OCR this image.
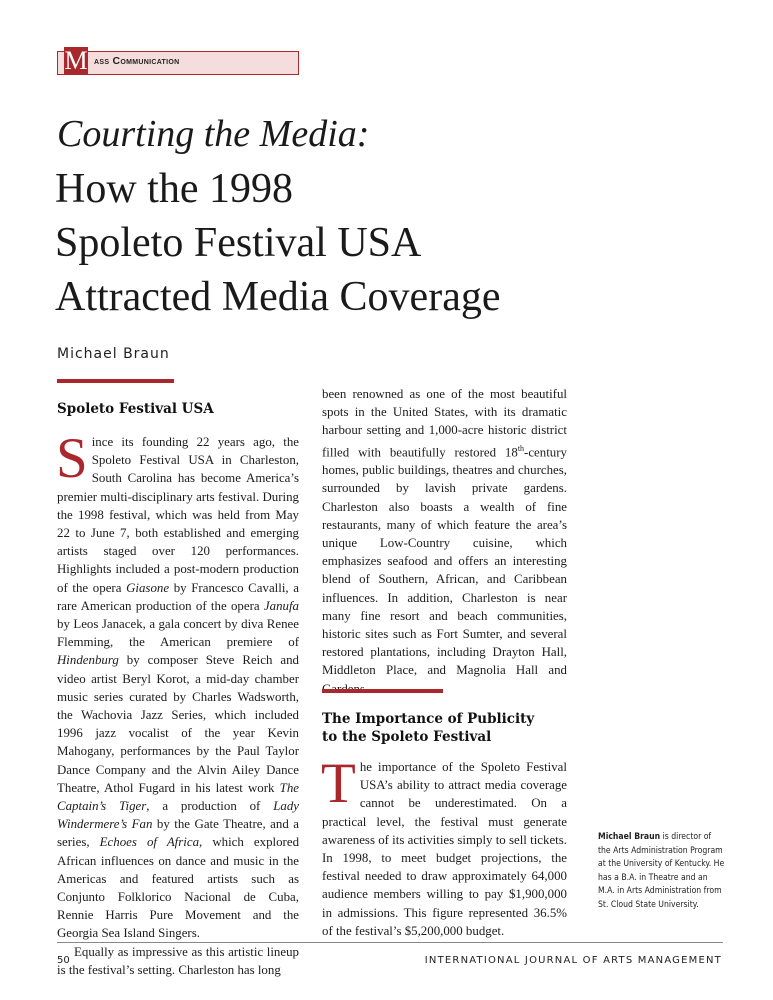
M ass Communication
Courting the Media:
How the 1998
Spoleto Festival USA
Attracted Media Coverage
Michael Braun
Spoleto Festival USA

Since its founding 22 years ago, the Spoleto Festival USA in Charleston, South Carolina has become America’s premier multi-disciplinary arts festival. During the 1998 festival, which was held from May 22 to June 7, both established and emerging artists staged over 120 performances. Highlights included a post-modern production of the opera Giasone by Francesco Cavalli, a rare American production of the opera Janufa by Leos Janacek, a gala concert by diva Renee Flemming, the American premiere of Hindenburg by composer Steve Reich and video artist Beryl Korot, a mid-day chamber music series curated by Charles Wadsworth, the Wachovia Jazz Series, which included 1996 jazz vocalist of the year Kevin Mahogany, performances by the Paul Taylor Dance Company and the Alvin Ailey Dance Theatre, Athol Fugard in his latest work The Captain’s Tiger, a production of Lady Windermere’s Fan by the Gate Theatre, and a series, Echoes of Africa, which explored African influences on dance and music in the Americas and featured artists such as Conjunto Folklorico Nacional de Cuba, Rennie Harris Pure Movement and the Georgia Sea Island Singers.

Equally as impressive as this artistic lineup is the festival’s setting. Charleston has long

been renowned as one of the most beautiful spots in the United States, with its dramatic harbour setting and 1,000-acre historic district filled with beautifully restored 18th-century homes, public buildings, theatres and churches, surrounded by lavish private gardens. Charleston also boasts a wealth of fine restaurants, many of which feature the area’s unique Low-Country cuisine, which emphasizes seafood and offers an interesting blend of Southern, African, and Caribbean influences. In addition, Charleston is near many fine resort and beach communities, historic sites such as Fort Sumter, and several restored plantations, including Drayton Hall, Middleton Place, and Magnolia Hall and

The Importance of Publicity to the Spoleto Festival

The importance of the Spoleto Festival USA’s ability to attract media coverage cannot be underestimated. On a practical level, the festival must generate awareness of its activities simply to sell tickets. In 1998, to meet budget projections, the festival needed to draw approximately 64,000 audience members willing to pay $1,900,000 in admissions. This figure represented 36.5% of the festival’s $5,200,000 budget.

Michael Braun is director of the Arts Administration Program at the University of Kentucky. He has a B.A. in Theatre and an M.A. in Arts Administration from St. Cloud State University.
50	INTERNATIONAL JOURNAL OF ARTS MANAGEMENT
